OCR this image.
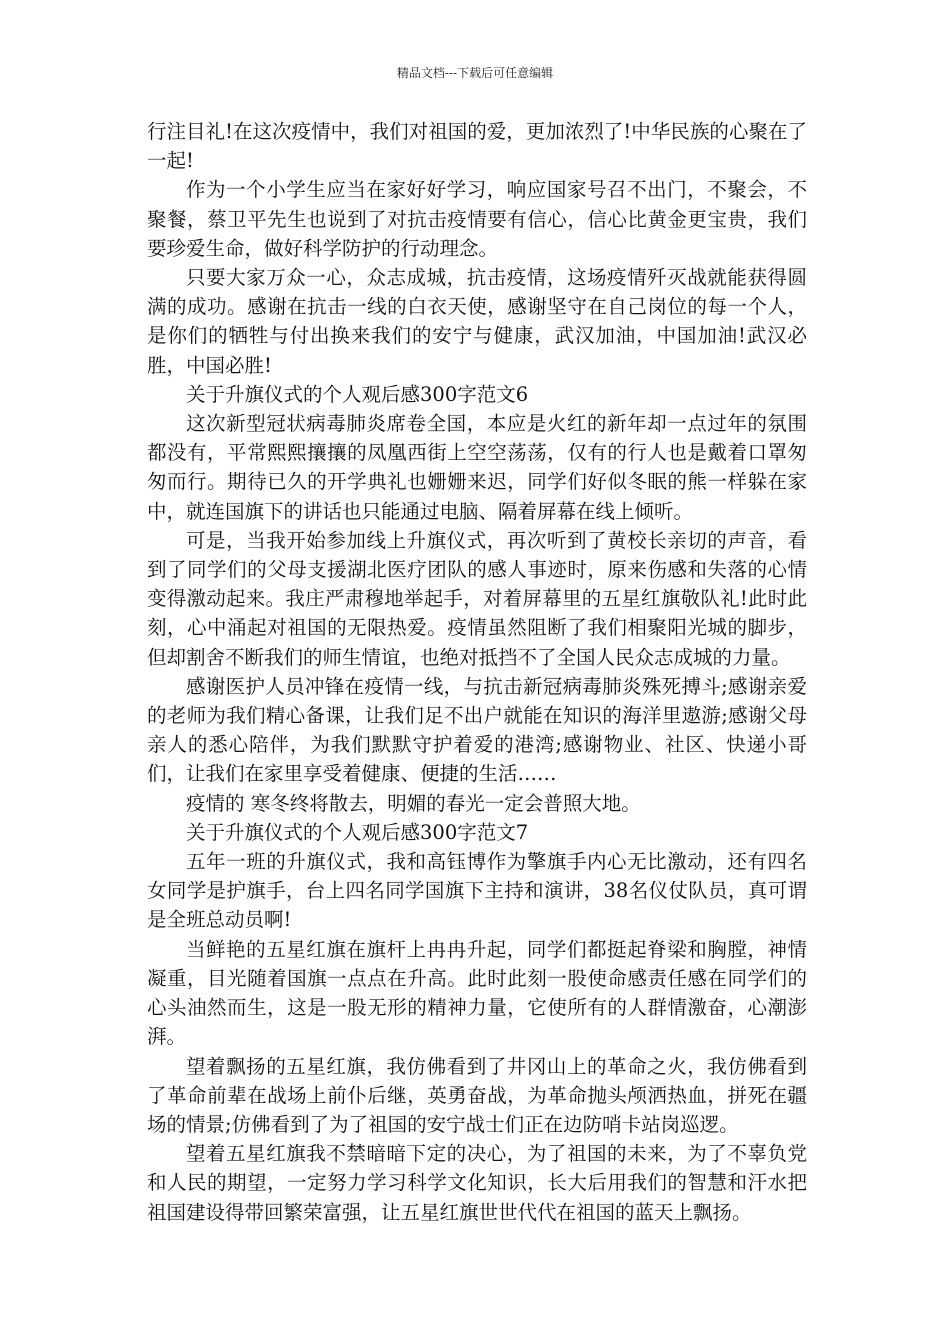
精品文档---下载后可任意编辑

行注目礼!在这次疫情中，我们对祖国的爱，更加浓烈了!中华民族的心聚在了一起!

作为一个小学生应当在家好好学习，响应国家号召不出门，不聚会，不聚餐，蔡卫平先生也说到了对抗击疫情要有信心，信心比黄金更宝贵，我们要珍爱生命，做好科学防护的行动理念。

只要大家万众一心，众志成城，抗击疫情，这场疫情歼灭战就能获得圆满的成功。感谢在抗击一线的白衣天使，感谢坚守在自己岗位的每一个人，是你们的牺牲与付出换来我们的安宁与健康，武汉加油，中国加油!武汉必胜，中国必胜!

关于升旗仪式的个人观后感300字范文6

这次新型冠状病毒肺炎席卷全国，本应是火红的新年却一点过年的氛围都没有，平常熙熙攘攘的凤凰西街上空空荡荡，仅有的行人也是戴着口罩匆匆而行。期待已久的开学典礼也姗姗来迟，同学们好似冬眠的熊一样躲在家中，就连国旗下的讲话也只能通过电脑、隔着屏幕在线上倾听。

可是，当我开始参加线上升旗仪式，再次听到了黄校长亲切的声音，看到了同学们的父母支援湖北医疗团队的感人事迹时，原来伤感和失落的心情变得激动起来。我庄严肃穆地举起手，对着屏幕里的五星红旗敬队礼!此时此刻，心中涌起对祖国的无限热爱。疫情虽然阻断了我们相聚阳光城的脚步，但却割舍不断我们的师生情谊，也绝对抵挡不了全国人民众志成城的力量。

感谢医护人员冲锋在疫情一线，与抗击新冠病毒肺炎殊死搏斗;感谢亲爱的老师为我们精心备课，让我们足不出户就能在知识的海洋里遨游;感谢父母亲人的悉心陪伴，为我们默默守护着爱的港湾;感谢物业、社区、快递小哥们，让我们在家里享受着健康、便捷的生活……

疫情的 寒冬终将散去，明媚的春光一定会普照大地。

关于升旗仪式的个人观后感300字范文7

五年一班的升旗仪式，我和高钰博作为擎旗手内心无比激动，还有四名女同学是护旗手，台上四名同学国旗下主持和演讲，38名仪仗队员，真可谓是全班总动员啊!

当鲜艳的五星红旗在旗杆上冉冉升起，同学们都挺起脊梁和胸膛，神情凝重，目光随着国旗一点点在升高。此时此刻一股使命感责任感在同学们的心头油然而生，这是一股无形的精神力量，它使所有的人群情激奋，心潮澎湃。

望着飘扬的五星红旗，我仿佛看到了井冈山上的革命之火，我仿佛看到了革命前辈在战场上前仆后继，英勇奋战，为革命抛头颅洒热血，拼死在疆场的情景;仿佛看到了为了祖国的安宁战士们正在边防哨卡站岗巡逻。

望着五星红旗我不禁暗暗下定的决心，为了祖国的未来，为了不辜负党和人民的期望，一定努力学习科学文化知识，长大后用我们的智慧和汗水把祖国建设得带回繁荣富强，让五星红旗世世代代在祖国的蓝天上飘扬。
